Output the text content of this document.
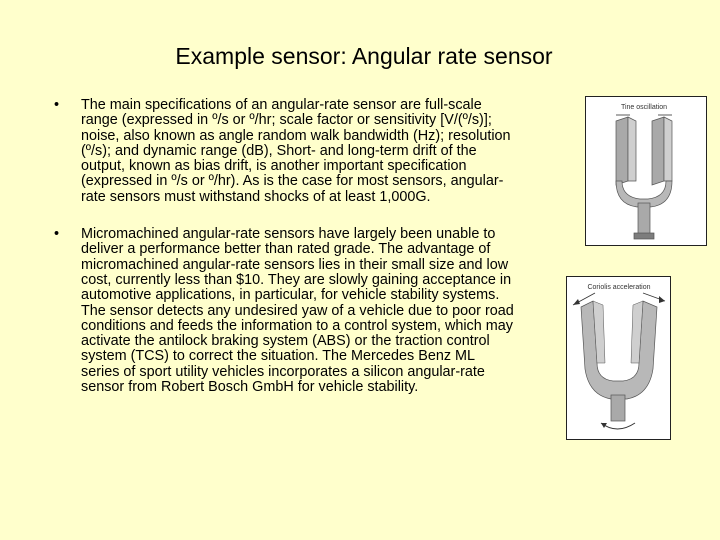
Example sensor: Angular rate sensor
• The main specifications of an angular-rate sensor are full-scale range (expressed in º/s or º/hr; scale factor or sensitivity [V/(º/s)]; noise, also known as angle random walk bandwidth (Hz); resolution (º/s); and dynamic range (dB), Short- and long-term drift of the output, known as bias drift, is another important specification (expressed in º/s or º/hr). As is the case for most sensors, angular-rate sensors must withstand shocks of at least 1,000G.
• Micromachined angular-rate sensors have largely been unable to deliver a performance better than rated grade. The advantage of micromachined angular-rate sensors lies in their small size and low cost, currently less than $10. They are slowly gaining acceptance in automotive applications, in particular, for vehicle stability systems. The sensor detects any undesired yaw of a vehicle due to poor road conditions and feeds the information to a control system, which may activate the antilock braking system (ABS) or the traction control system (TCS) to correct the situation. The Mercedes Benz ML series of sport utility vehicles incorporates a silicon angular-rate sensor from Robert Bosch GmbH for vehicle stability.
Tine oscillation
Coriolis acceleration
